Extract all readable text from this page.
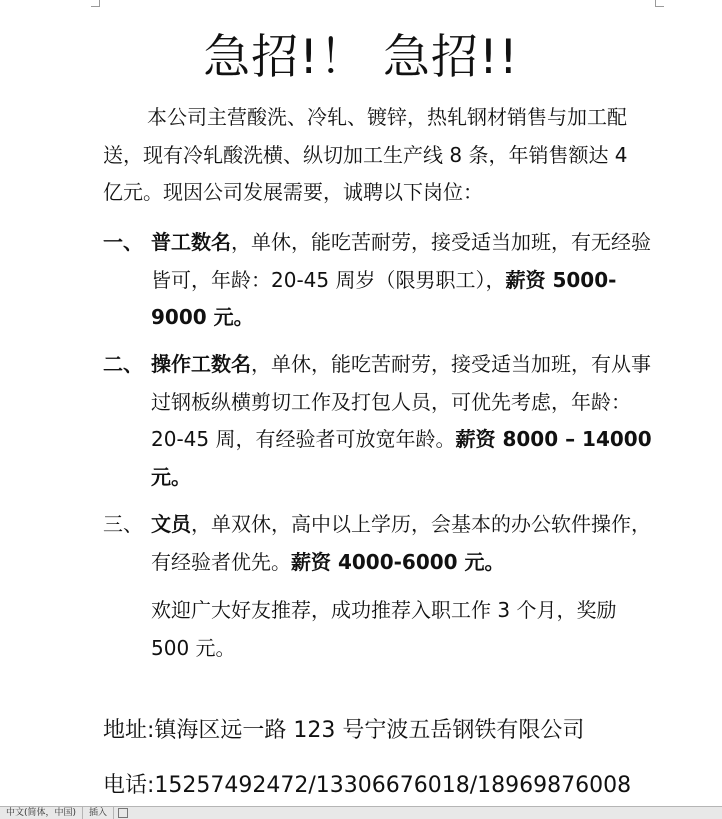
急招!！ 急招!!
本公司主营酸洗、冷轧、镀锌，热轧钢材销售与加工配送，现有冷轧酸洗横、纵切加工生产线 8 条，年销售额达 4 亿元。现因公司发展需要，诚聘以下岗位：
一、 普工数名，单休，能吃苦耐劳，接受适当加班，有无经验皆可，年龄：20-45 周岁（限男职工），薪资 5000-9000 元。
二、 操作工数名，单休，能吃苦耐劳，接受适当加班，有从事过钢板纵横剪切工作及打包人员，可优先考虑，年龄：20-45 周，有经验者可放宽年龄。薪资 8000 – 14000 元。
三、 文员，单双休，高中以上学历，会基本的办公软件操作，有经验者优先。薪资 4000-6000 元。
欢迎广大好友推荐，成功推荐入职工作 3 个月，奖励 500 元。
地址:镇海区远一路 123 号宁波五岳钢铁有限公司
电话:15257492472/13306676018/18969876008
中文(简体，中国) 插入
